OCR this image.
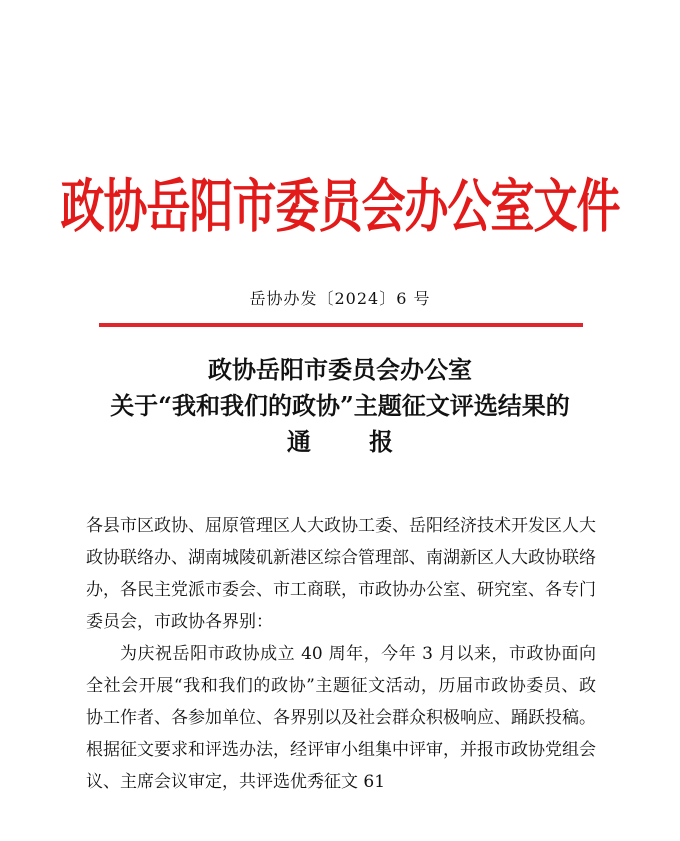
政协岳阳市委员会办公室文件
岳协办发〔2024〕6 号
政协岳阳市委员会办公室
关于“我和我们的政协”主题征文评选结果的
通 报

各县市区政协、屈原管理区人大政协工委、岳阳经济技术开发区人大政协联络办、湖南城陵矶新港区综合管理部、南湖新区人大政协联络办，各民主党派市委会、市工商联，市政协办公室、研究室、各专门委员会，市政协各界别：

为庆祝岳阳市政协成立 40 周年，今年 3 月以来，市政协面向全社会开展“我和我们的政协”主题征文活动，历届市政协委员、政协工作者、各参加单位、各界别以及社会群众积极响应、踊跃投稿。根据征文要求和评选办法，经评审小组集中评审，并报市政协党组会议、主席会议审定，共评选优秀征文 61
